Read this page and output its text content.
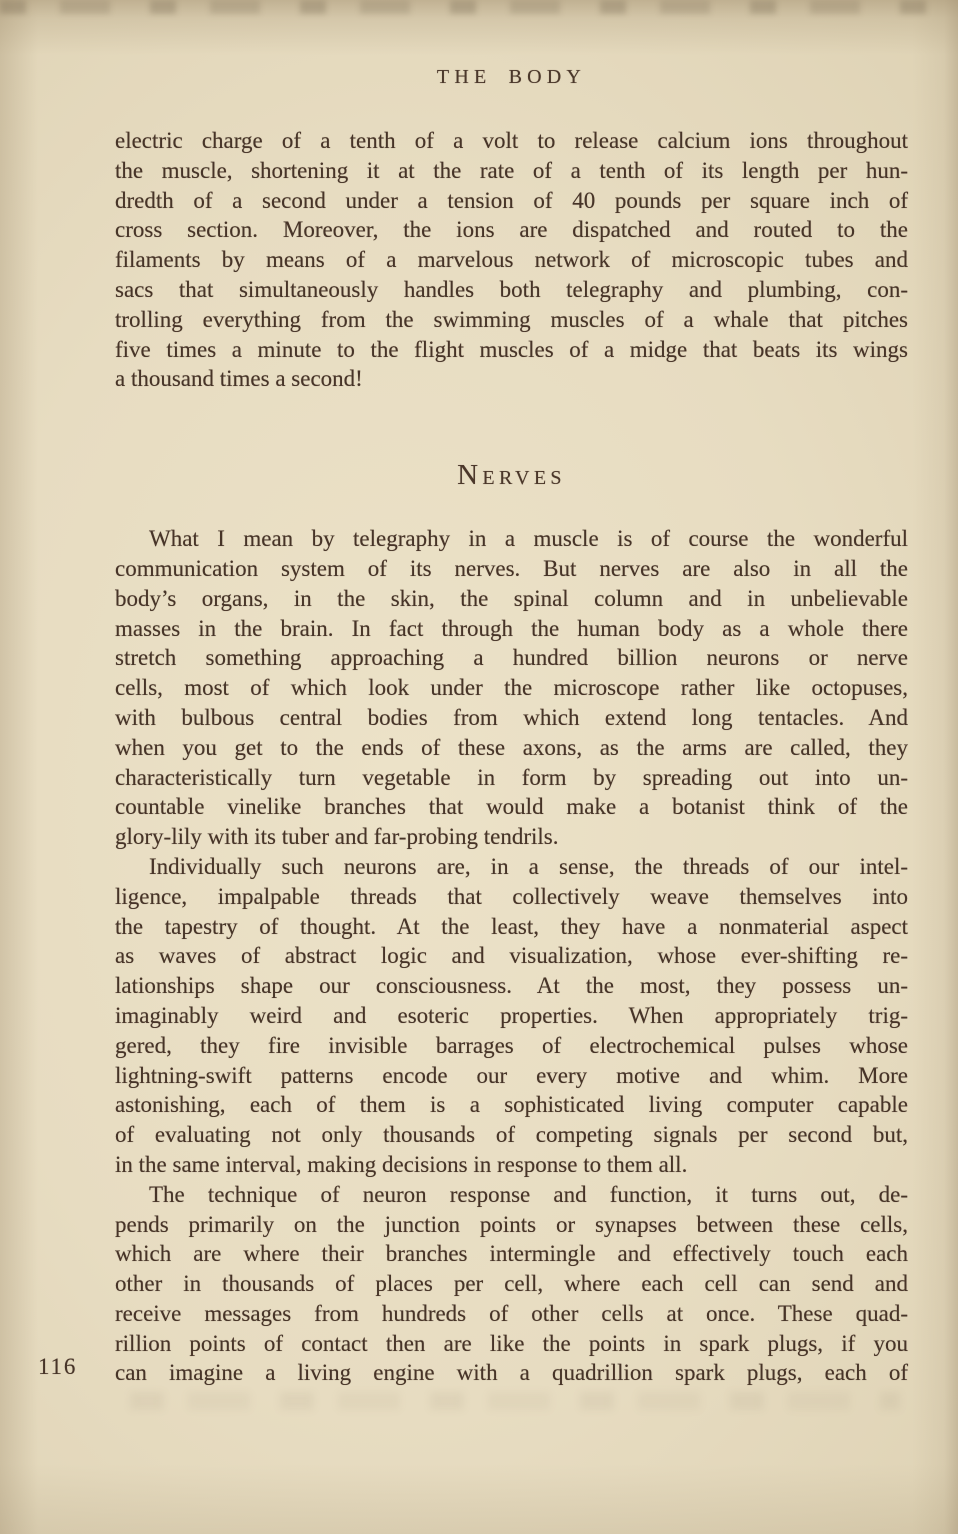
THE BODY
electric charge of a tenth of a volt to release calcium ions throughout
the muscle, shortening it at the rate of a tenth of its length per hun-
dredth of a second under a tension of 40 pounds per square inch of
cross section. Moreover, the ions are dispatched and routed to the
filaments by means of a marvelous network of microscopic tubes and
sacs that simultaneously handles both telegraphy and plumbing, con-
trolling everything from the swimming muscles of a whale that pitches
five times a minute to the flight muscles of a midge that beats its wings
a thousand times a second!
Nerves
What I mean by telegraphy in a muscle is of course the wonderful
communication system of its nerves. But nerves are also in all the
body’s organs, in the skin, the spinal column and in unbelievable
masses in the brain. In fact through the human body as a whole there
stretch something approaching a hundred billion neurons or nerve
cells, most of which look under the microscope rather like octopuses,
with bulbous central bodies from which extend long tentacles. And
when you get to the ends of these axons, as the arms are called, they
characteristically turn vegetable in form by spreading out into un-
countable vinelike branches that would make a botanist think of the
glory-lily with its tuber and far-probing tendrils.
Individually such neurons are, in a sense, the threads of our intel-
ligence, impalpable threads that collectively weave themselves into
the tapestry of thought. At the least, they have a nonmaterial aspect
as waves of abstract logic and visualization, whose ever-shifting re-
lationships shape our consciousness. At the most, they possess un-
imaginably weird and esoteric properties. When appropriately trig-
gered, they fire invisible barrages of electrochemical pulses whose
lightning-swift patterns encode our every motive and whim. More
astonishing, each of them is a sophisticated living computer capable
of evaluating not only thousands of competing signals per second but,
in the same interval, making decisions in response to them all.
The technique of neuron response and function, it turns out, de-
pends primarily on the junction points or synapses between these cells,
which are where their branches intermingle and effectively touch each
other in thousands of places per cell, where each cell can send and
receive messages from hundreds of other cells at once. These quad-
rillion points of contact then are like the points in spark plugs, if you
can imagine a living engine with a quadrillion spark plugs, each of
116
